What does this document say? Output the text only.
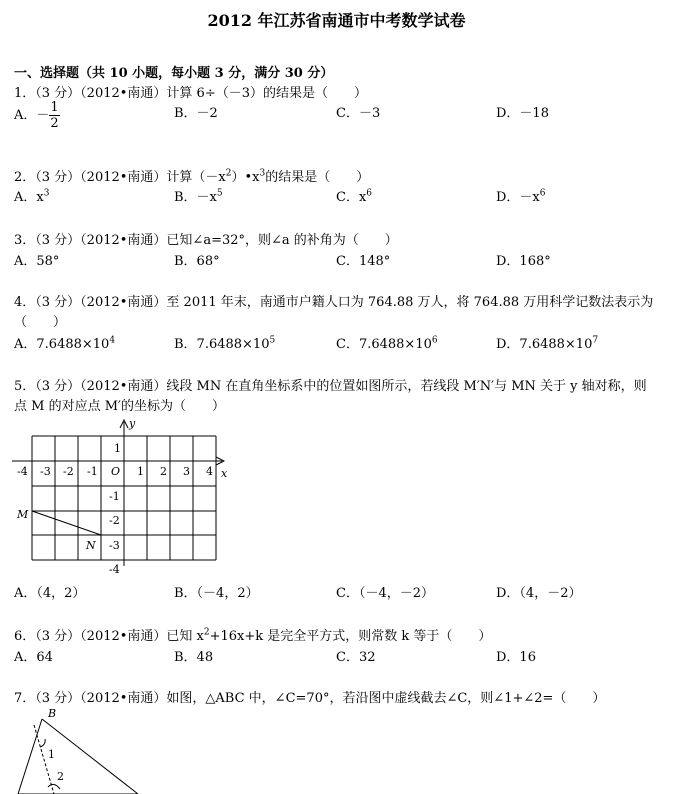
2012 年江苏省南通市中考数学试卷
一、选择题（共 10 小题，每小题 3 分，满分 30 分）
1．（3 分）（2012•南通）计算 6÷（－3）的结果是（　　）
A．－ $\frac{1}{2}$	B．－2	C．－3	D．－18
2．（3 分）（2012•南通）计算$(-x^2)•x^3$的结果是（　　）
A．$x^3$	B．$-x^5$	C．$x^6$	D．$-x^6$
3．（3 分）（2012•南通）已知∠a=32°，则∠a 的补角为（　　）
A．58°	B．68°	C．148°	D．168°
4．（3 分）（2012•南通）至 2011 年末，南通市户籍人口为 764.88 万人，将 764.88 万用科学记数法表示为
（　　）
A．$7.6488\times 10^4$	B．$7.6488\times 10^5$	C．$7.6488\times 10^6$	D．$7.6488\times 10^7$
5．（3 分）（2012•南通）线段 MN 在直角坐标系中的位置如图所示，若线段 M′N′与 MN 关于 y 轴对称，则
点 M 的对应点 M′的坐标为（　　）
x
y
O
-4 -3 -2 -1	1 2 3 4
1
-1
-2
-3
-4
M
N
A．（4，2）	B．（－4，2）	C．（－4，－2）	D．（4，－2）
6．（3 分）（2012•南通）已知 $x^2+16x+k$ 是完全平方式，则常数 k 等于（　　）
A．64	B．48	C．32	D．16
7．（3 分）（2012•南通）如图，△ABC 中，∠C=70°，若沿图中虚线截去∠C，则∠1+∠2=（　　）
B
1
2
